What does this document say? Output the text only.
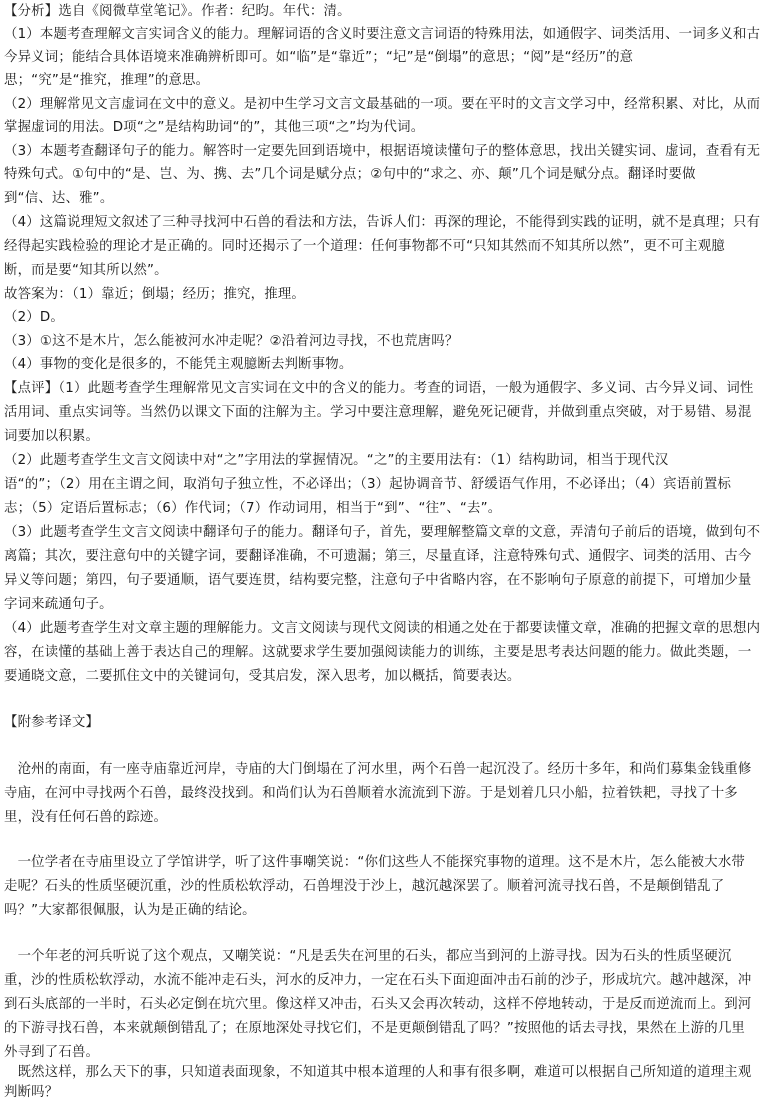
【分析】选自《阅微草堂笔记》。作者：纪昀。年代：清。
（1）本题考查理解文言实词含义的能力。理解词语的含义时要注意文言词语的特殊用法，如通假字、词类活用、一词多义和古
今异义词；能结合具体语境来准确辨析即可。如“临”是“靠近”；“圮”是“倒塌”的意思；“阅”是“经历”的意
思；“究”是“推究，推理”的意思。
（2）理解常见文言虚词在文中的意义。是初中生学习文言文最基础的一项。要在平时的文言文学习中，经常积累、对比，从而
掌握虚词的用法。D项“之”是结构助词“的”，其他三项“之”均为代词。
（3）本题考查翻译句子的能力。解答时一定要先回到语境中，根据语境读懂句子的整体意思，找出关键实词、虚词，查看有无
特殊句式。①句中的“是、岂、为、携、去”几个词是赋分点；②句中的“求之、亦、颠”几个词是赋分点。翻译时要做
到“信、达、雅”。
（4）这篇说理短文叙述了三种寻找河中石兽的看法和方法，告诉人们：再深的理论，不能得到实践的证明，就不是真理；只有
经得起实践检验的理论才是正确的。同时还揭示了一个道理：任何事物都不可“只知其然而不知其所以然”，更不可主观臆
断，而是要“知其所以然”。
故答案为：（1）靠近；倒塌；经历；推究，推理。
（2）D。
（3）①这不是木片，怎么能被河水冲走呢？②沿着河边寻找，不也荒唐吗？
（4）事物的变化是很多的，不能凭主观臆断去判断事物。
【点评】（1）此题考查学生理解常见文言实词在文中的含义的能力。考查的词语，一般为通假字、多义词、古今异义词、词性
活用词、重点实词等。当然仍以课文下面的注解为主。学习中要注意理解，避免死记硬背，并做到重点突破，对于易错、易混
词要加以积累。
（2）此题考查学生文言文阅读中对“之”字用法的掌握情况。“之”的主要用法有：（1）结构助词，相当于现代汉
语“的”；（2）用在主谓之间，取消句子独立性，不必译出；（3）起协调音节、舒缓语气作用，不必译出；（4）宾语前置标
志；（5）定语后置标志；（6）作代词；（7）作动词用，相当于“到”、“往”、“去”。
（3）此题考查学生文言文阅读中翻译句子的能力。翻译句子，首先，要理解整篇文章的文意，弄清句子前后的语境，做到句不
离篇；其次，要注意句中的关键字词，要翻译准确，不可遗漏；第三，尽量直译，注意特殊句式、通假字、词类的活用、古今
异义等问题；第四，句子要通顺，语气要连贯，结构要完整，注意句子中省略内容，在不影响句子原意的前提下，可增加少量
字词来疏通句子。
（4）此题考查学生对文章主题的理解能力。文言文阅读与现代文阅读的相通之处在于都要读懂文章，准确的把握文章的思想内
容，在读懂的基础上善于表达自己的理解。这就要求学生要加强阅读能力的训练，主要是思考表达问题的能力。做此类题，一
要通晓文意，二要抓住文中的关键词句，受其启发，深入思考，加以概括，简要表达。
【附参考译文】
　沧州的南面，有一座寺庙靠近河岸，寺庙的大门倒塌在了河水里，两个石兽一起沉没了。经历十多年，和尚们募集金钱重修
寺庙，在河中寻找两个石兽，最终没找到。和尚们认为石兽顺着水流流到下游。于是划着几只小船，拉着铁耙，寻找了十多
里，没有任何石兽的踪迹。
　一位学者在寺庙里设立了学馆讲学，听了这件事嘲笑说：“你们这些人不能探究事物的道理。这不是木片，怎么能被大水带
走呢？石头的性质坚硬沉重，沙的性质松软浮动，石兽埋没于沙上，越沉越深罢了。顺着河流寻找石兽，不是颠倒错乱了
吗？”大家都很佩服，认为是正确的结论。
　一个年老的河兵听说了这个观点，又嘲笑说：“凡是丢失在河里的石头，都应当到河的上游寻找。因为石头的性质坚硬沉
重，沙的性质松软浮动，水流不能冲走石头，河水的反冲力，一定在石头下面迎面冲击石前的沙子，形成坑穴。越冲越深，冲
到石头底部的一半时，石头必定倒在坑穴里。像这样又冲击，石头又会再次转动，这样不停地转动，于是反而逆流而上。到河
的下游寻找石兽，本来就颠倒错乱了；在原地深处寻找它们，不是更颠倒错乱了吗？”按照他的话去寻找，果然在上游的几里
外寻到了石兽。
　既然这样，那么天下的事，只知道表面现象，不知道其中根本道理的人和事有很多啊，难道可以根据自己所知道的道理主观
判断吗？
